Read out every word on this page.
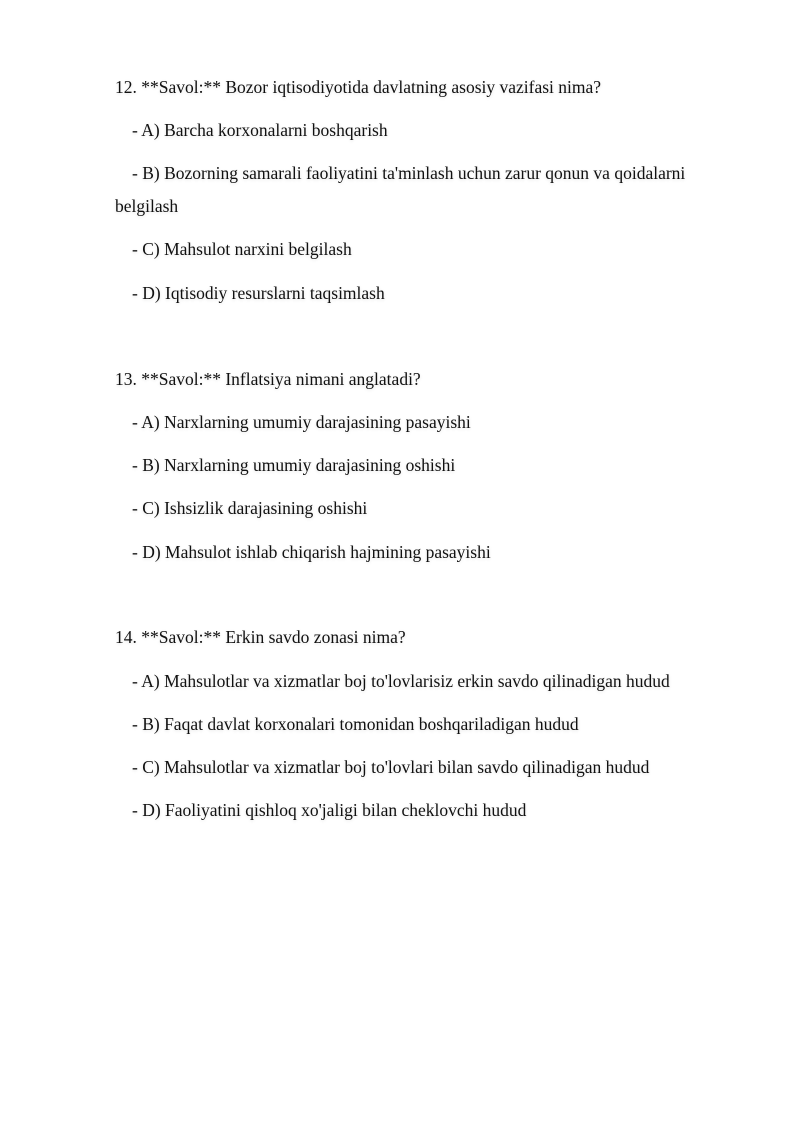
12. **Savol:** Bozor iqtisodiyotida davlatning asosiy vazifasi nima?
- A) Barcha korxonalarni boshqarish
- B) Bozorning samarali faoliyatini ta'minlash uchun zarur qonun va qoidalarni
belgilash
- C) Mahsulot narxini belgilash
- D) Iqtisodiy resurslarni taqsimlash
13. **Savol:** Inflatsiya nimani anglatadi?
- A) Narxlarning umumiy darajasining pasayishi
- B) Narxlarning umumiy darajasining oshishi
- C) Ishsizlik darajasining oshishi
- D) Mahsulot ishlab chiqarish hajmining pasayishi
14. **Savol:** Erkin savdo zonasi nima?
- A) Mahsulotlar va xizmatlar boj to'lovlarisiz erkin savdo qilinadigan hudud
- B) Faqat davlat korxonalari tomonidan boshqariladigan hudud
- C) Mahsulotlar va xizmatlar boj to'lovlari bilan savdo qilinadigan hudud
- D) Faoliyatini qishloq xo'jaligi bilan cheklovchi hudud
